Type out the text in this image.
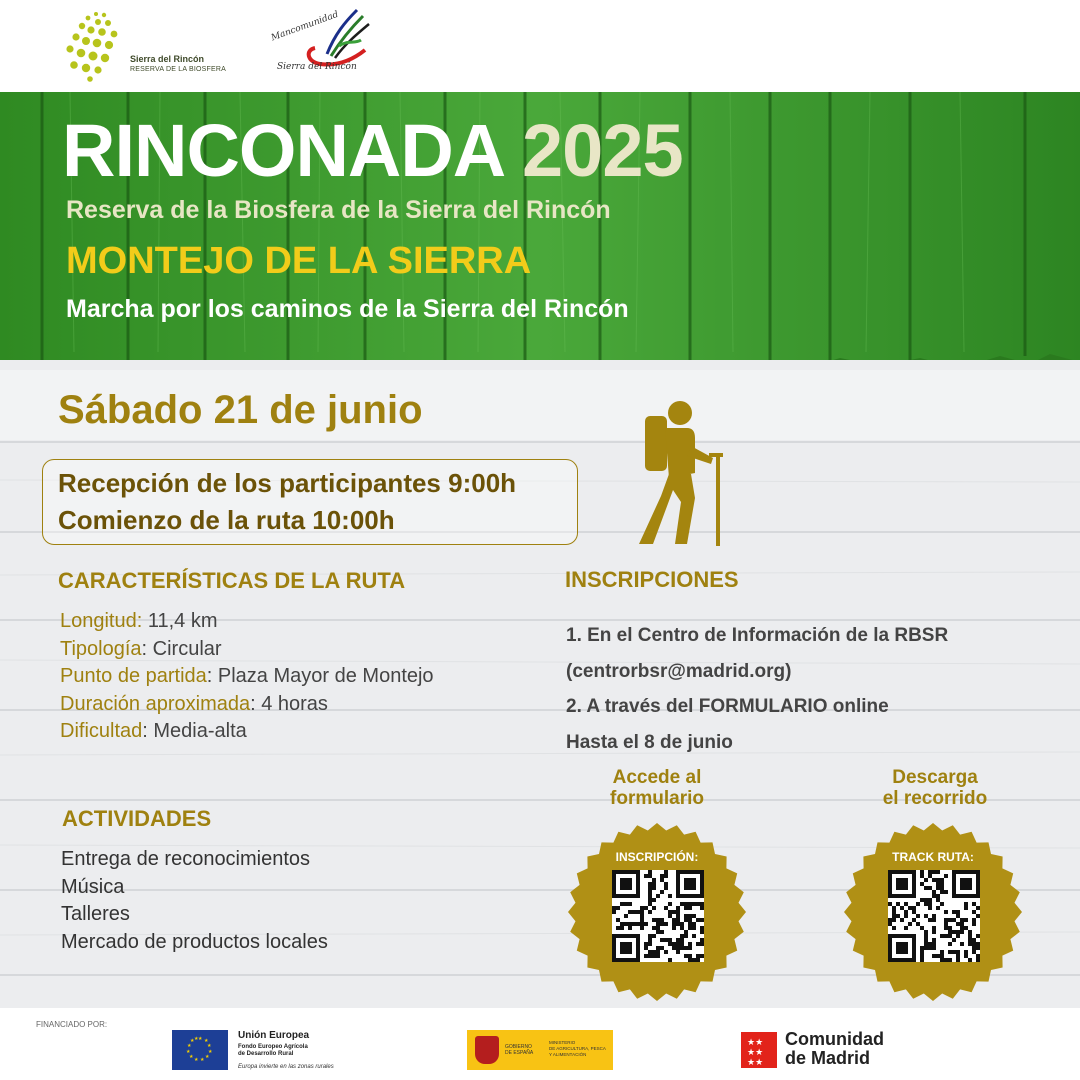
Sierra del Rincón
RESERVA DE LA BIOSFERA
Mancomunidad
Sierra del Rincón
RINCONADA 2025
Reserva de la Biosfera de la Sierra del Rincón
MONTEJO DE LA SIERRA
Marcha por los caminos de la Sierra del Rincón
Sábado 21 de junio
Recepción de los participantes 9:00h
Comienzo de la ruta 10:00h
CARACTERÍSTICAS DE LA RUTA
Longitud: 11,4 km
Tipología: Circular
Punto de partida: Plaza Mayor de Montejo
Duración aproximada: 4 horas
Dificultad: Media-alta
ACTIVIDADES
Entrega de reconocimientos
Música
Talleres
Mercado de productos locales
INSCRIPCIONES
1. En el Centro de Información de la RBSR
(centrorbsr@madrid.org)
2. A través del FORMULARIO online
Hasta el 8 de junio
Accede al
formulario
Descarga
el recorrido
INSCRIPCIÓN:	TRACK RUTA:
FINANCIADO POR:
★ ★
★
★
★
★
★
★
★
★
★ ★	Unión Europea
Fondo Europeo Agrícola
de Desarrollo Rural
Europa invierte en las zonas rurales
GOBIERNO
DE ESPAÑA
MINISTERIO
DE AGRICULTURA, PESCA
Y ALIMENTACIÓN
★★
★★
★★
Comunidad
de Madrid
